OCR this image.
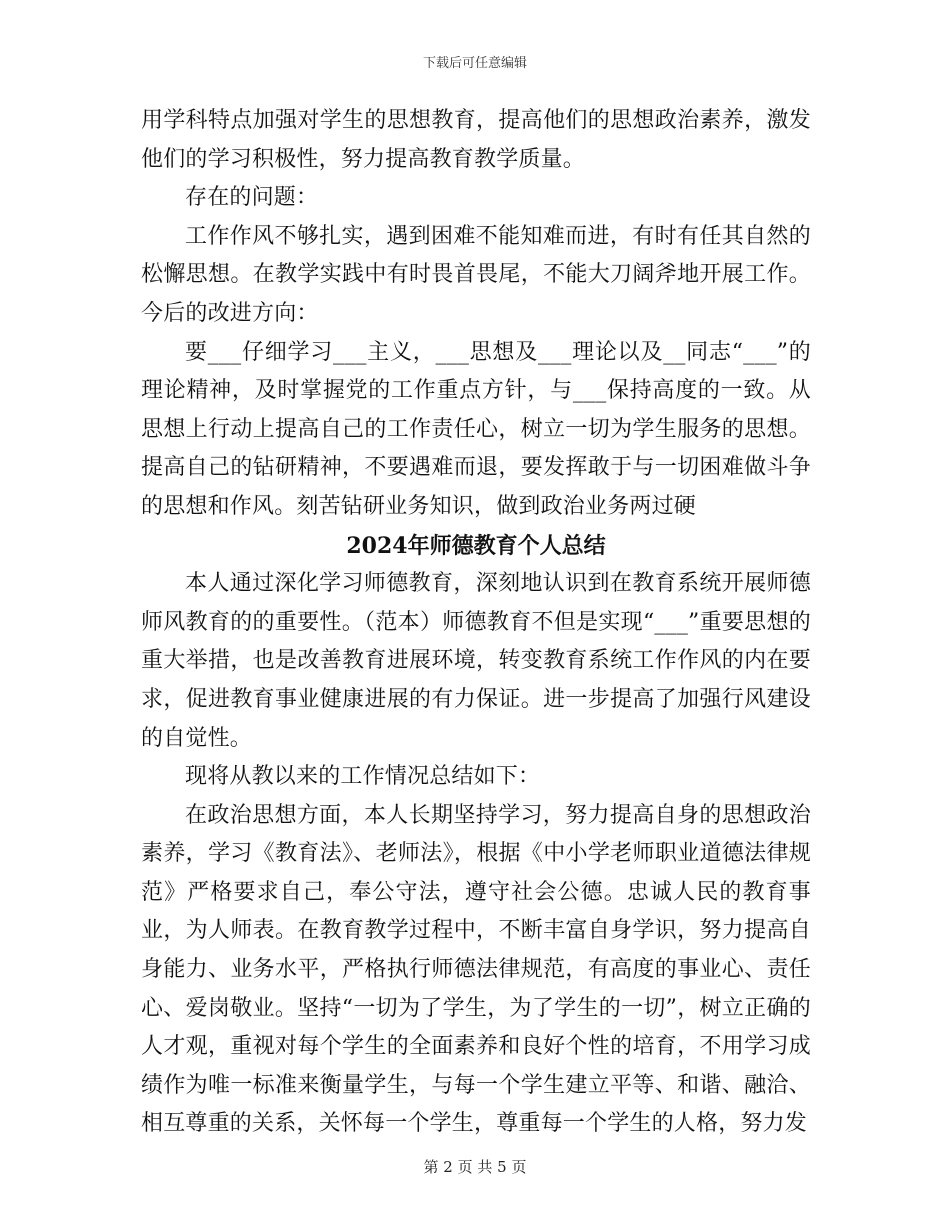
下载后可任意编辑

用学科特点加强对学生的思想教育，提高他们的思想政治素养，激发他们的学习积极性，努力提高教育教学质量。

存在的问题：

工作作风不够扎实，遇到困难不能知难而进，有时有任其自然的松懈思想。在教学实践中有时畏首畏尾，不能大刀阔斧地开展工作。今后的改进方向：

要___仔细学习___主义，___思想及___理论以及__同志“___”的理论精神，及时掌握党的工作重点方针，与___保持高度的一致。从思想上行动上提高自己的工作责任心，树立一切为学生服务的思想。提高自己的钻研精神，不要遇难而退，要发挥敢于与一切困难做斗争的思想和作风。刻苦钻研业务知识，做到政治业务两过硬

2024年师德教育个人总结

本人通过深化学习师德教育，深刻地认识到在教育系统开展师德师风教育的的重要性。（范本）师德教育不但是实现“___”重要思想的重大举措，也是改善教育进展环境，转变教育系统工作作风的内在要求，促进教育事业健康进展的有力保证。进一步提高了加强行风建设的自觉性。

现将从教以来的工作情况总结如下：

在政治思想方面，本人长期坚持学习，努力提高自身的思想政治素养，学习《教育法》、老师法》，根据《中小学老师职业道德法律规范》严格要求自己，奉公守法，遵守社会公德。忠诚人民的教育事业，为人师表。在教育教学过程中，不断丰富自身学识，努力提高自身能力、业务水平，严格执行师德法律规范，有高度的事业心、责任心、爱岗敬业。坚持“一切为了学生，为了学生的一切”，树立正确的人才观，重视对每个学生的全面素养和良好个性的培育，不用学习成绩作为唯一标准来衡量学生，与每一个学生建立平等、和谐、融洽、相互尊重的关系，关怀每一个学生，尊重每一个学生的人格，努力发

第 2 页 共 5 页
